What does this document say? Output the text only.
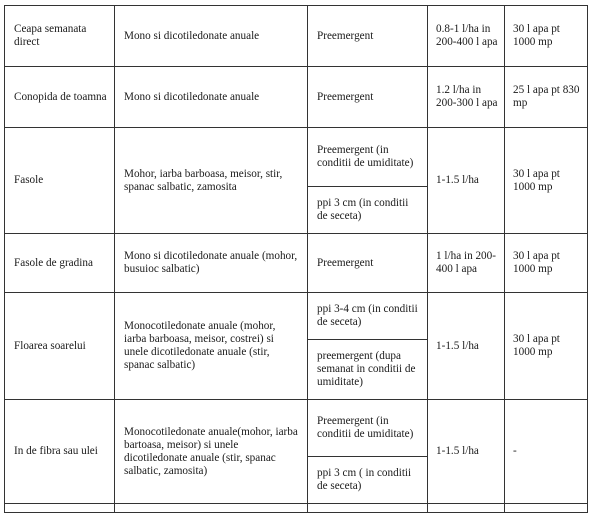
Ceapa semanata direct	Mono si dicotiledonate anuale	Preemergent	0.8-1 l/ha in 200-400 l apa	30 l apa pt 1000 mp
Conopida de toamna	Mono si dicotiledonate anuale	Preemergent	1.2 l/ha in 200-300 l apa	25 l apa pt 830 mp
Fasole	Mohor, iarba barboasa, meisor, stir, spanac salbatic, zamosita	Preemergent (in conditii de umiditate)	1-1.5 l/ha	30 l apa pt 1000 mp
		ppi 3 cm (in conditii de seceta)		
Fasole de gradina	Mono si dicotiledonate anuale (mohor, busuioc salbatic)	Preemergent	1 l/ha in 200-400 l apa	30 l apa pt 1000 mp
Floarea soarelui	Monocotiledonate anuale (mohor, iarba barboasa, meisor, costrei) si unele dicotiledonate anuale (stir, spanac salbatic)	ppi 3-4 cm (in conditii de seceta)	1-1.5 l/ha	30 l apa pt 1000 mp
		preemergent (dupa semanat in conditii de umiditate)		
In de fibra sau ulei	Monocotiledonate anuale(mohor, iarba bartoasa, meisor) si unele dicotiledonate anuale (stir, spanac salbatic, zamosita)	Preemergent (in conditii de umiditate)	1-1.5 l/ha	-
		ppi 3 cm ( in conditii de seceta)		
